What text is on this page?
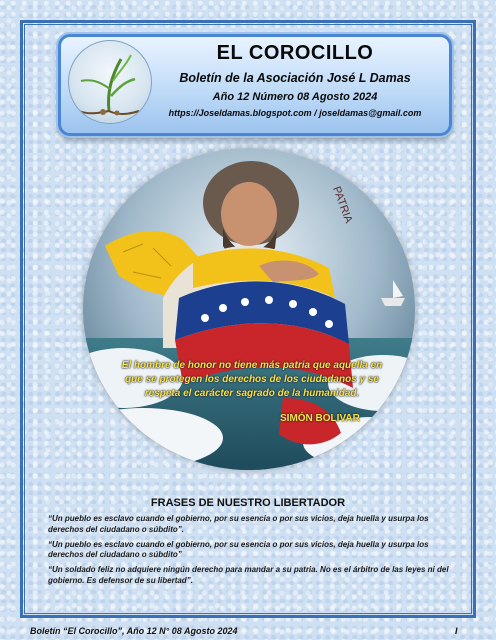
EL COROCILLO
Boletín de la Asociación José L Damas
Año 12 Número 08 Agosto 2024
https://Joseldamas.blogspot.com / joseldamas@gmail.com
PATRIA
El hombre de honor no tiene más patria que aquella en que se protegen los derechos de los ciudadanos y se respeta el carácter sagrado de la humanidad.
SIMÓN BOLIVAR
FRASES DE NUESTRO LIBERTADOR

“Un pueblo es esclavo cuando el gobierno, por su esencia o por sus vicios, deja huella y usurpa los derechos del ciudadano o súbdito”.

“Un pueblo es esclavo cuando el gobierno, por su esencia o por sus vicios, deja huella y usurpa los derechos del ciudadano o súbdito”

“Un soldado feliz no adquiere ningún derecho para mandar a su patria. No es el árbitro de las leyes ni del gobierno. Es defensor de su libertad”.

Boletín “El Corocillo”, Año 12 N° 08 Agosto 2024	I
